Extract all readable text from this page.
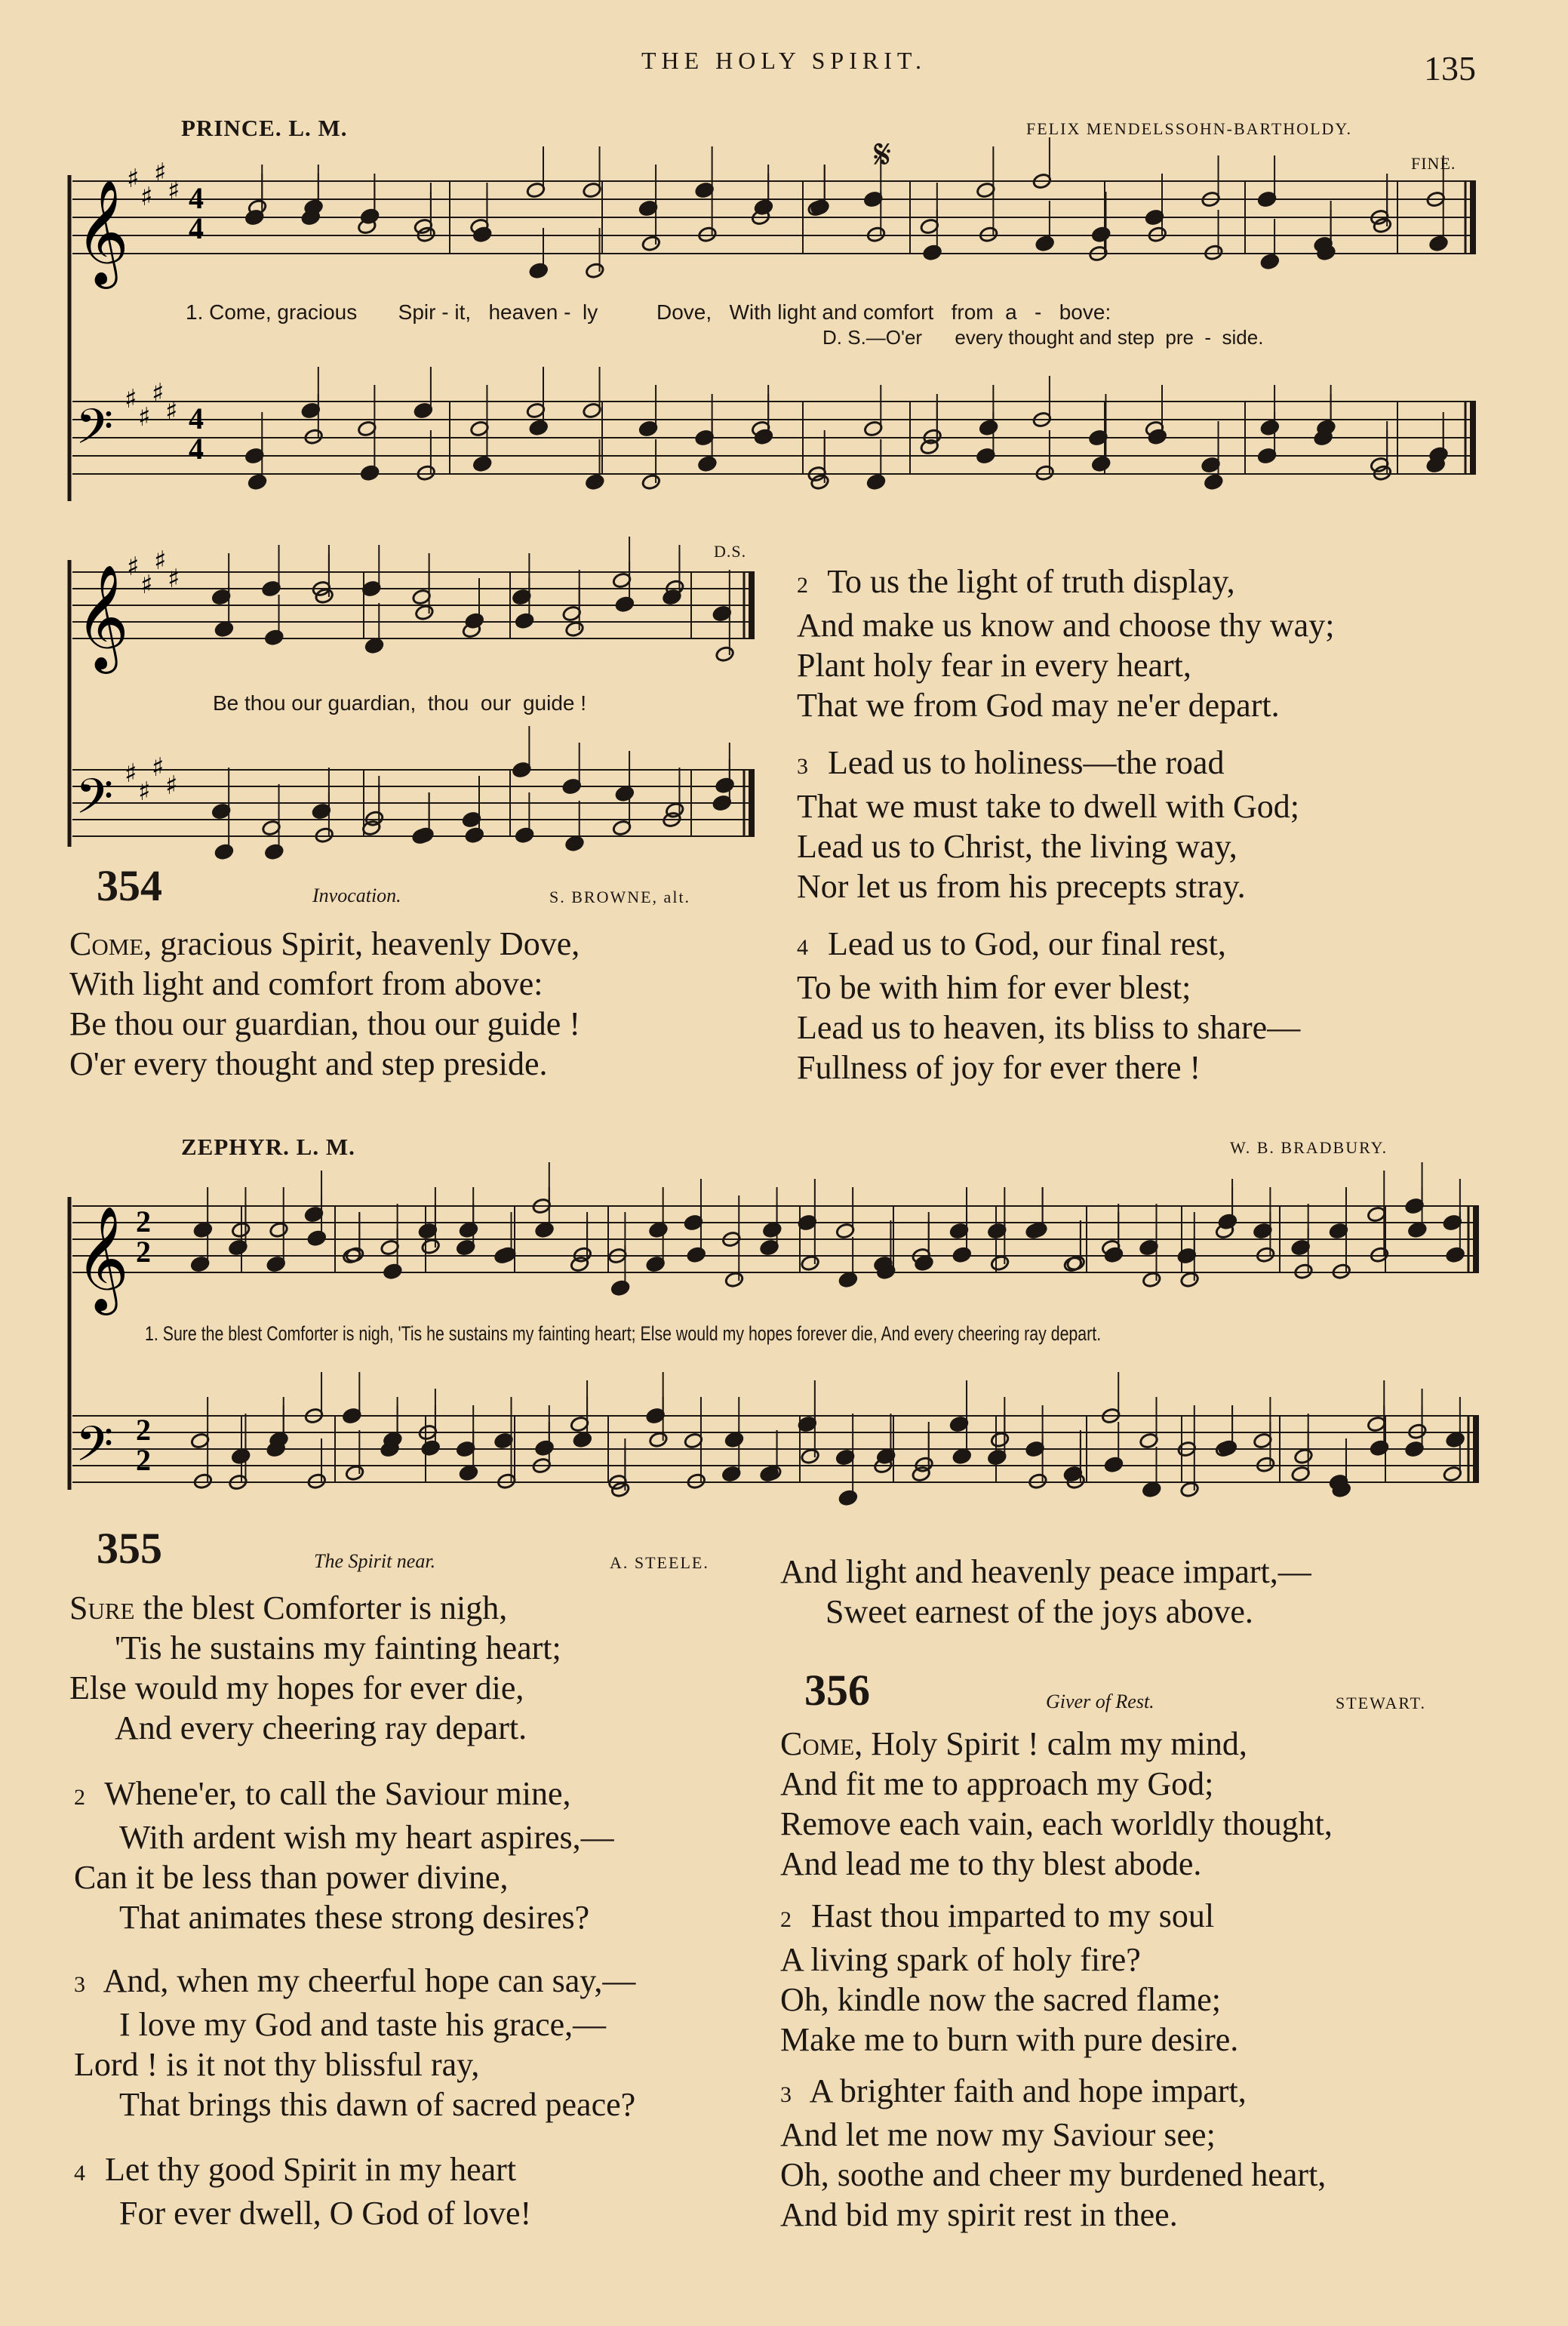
THE HOLY SPIRIT.	135
PRINCE. L. M.	FELIX MENDELSSOHN-BARTHOLDY.
𝄋	FINE.
𝄞
𝄢
♯
♯
♯
♯
♯
♯
♯
♯
4
4
4
4
1. Come, gracious       Spir - it,   heaven -  ly          Dove,   With light and comfort   from  a   -   bove:
D. S.—O'er      every thought and step  pre  -  side.
𝄞
𝄢
♯
♯
♯
♯
♯
♯
♯
♯
D.S.
Be thou our guardian,  thou  our  guide !
354	Invocation.	S. BROWNE, alt.
Come, gracious Spirit, heavenly Dove,
With light and comfort from above:
Be thou our guardian, thou our guide !
O'er every thought and step preside.
2 To us the light of truth display,
And make us know and choose thy way;
Plant holy fear in every heart,
That we from God may ne'er depart.
3 Lead us to holiness—the road
That we must take to dwell with God;
Lead us to Christ, the living way,
Nor let us from his precepts stray.
4 Lead us to God, our final rest,
To be with him for ever blest;
Lead us to heaven, its bliss to share—
Fullness of joy for ever there !
ZEPHYR. L. M.	W. B. BRADBURY.
𝄞
𝄢
2
2
2
2
1. Sure the blest Comforter is nigh, 'Tis he sustains my fainting heart; Else would my hopes forever die, And every cheering ray depart.
355	The Spirit near.	A. STEELE.
Sure the blest Comforter is nigh,
'Tis he sustains my fainting heart;
Else would my hopes for ever die,
And every cheering ray depart.
2 Whene'er, to call the Saviour mine,
With ardent wish my heart aspires,—
Can it be less than power divine,
That animates these strong desires?
3 And, when my cheerful hope can say,—
I love my God and taste his grace,—
Lord ! is it not thy blissful ray,
That brings this dawn of sacred peace?
4 Let thy good Spirit in my heart
For ever dwell, O God of love!
And light and heavenly peace impart,—
Sweet earnest of the joys above.
356	Giver of Rest.	STEWART.
Come, Holy Spirit ! calm my mind,
And fit me to approach my God;
Remove each vain, each worldly thought,
And lead me to thy blest abode.
2 Hast thou imparted to my soul
A living spark of holy fire?
Oh, kindle now the sacred flame;
Make me to burn with pure desire.
3 A brighter faith and hope impart,
And let me now my Saviour see;
Oh, soothe and cheer my burdened heart,
And bid my spirit rest in thee.
